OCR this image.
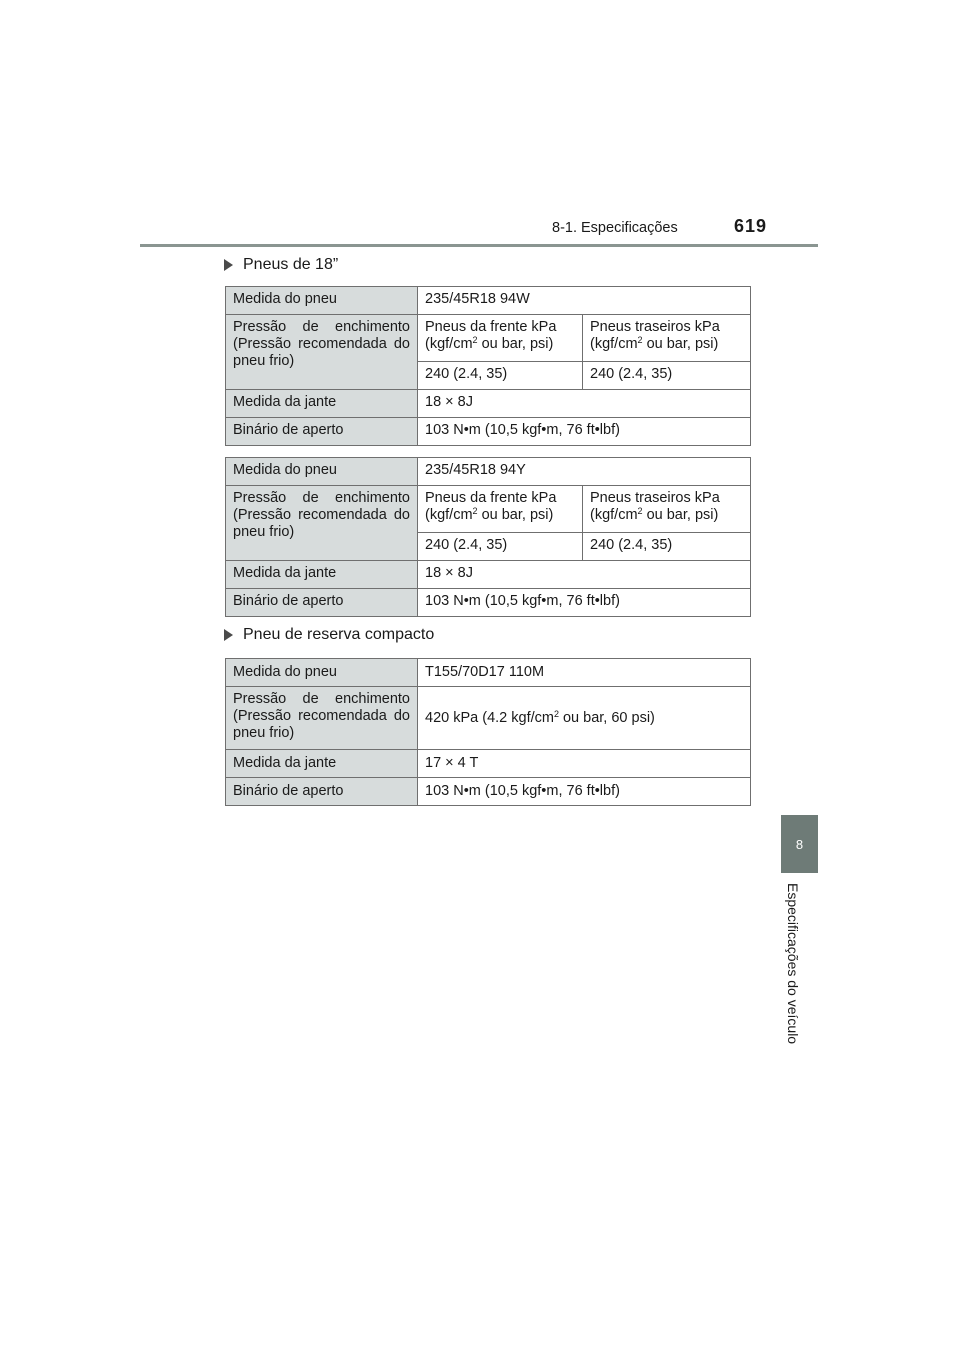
8-1. Especificações	619
8
Especificações do veículo
Pneus de 18”
Medida do pneu	235/45R18 94W	
Pressão de enchimento (Pressão recomendada do pneu frio)	Pneus da frente kPa ($kgf/cm^2$ ou bar, psi)	Pneus traseiros kPa ($kgf/cm^2$ ou bar, psi)
	240 (2.4, 35)	240 (2.4, 35)
Medida da jante	18 × 8J	
Binário de aperto	103 N•m (10,5 kgf•m, 76 ft•lbf)	
Medida do pneu	235/45R18 94Y	
Pressão de enchimento (Pressão recomendada do pneu frio)	Pneus da frente kPa ($kgf/cm^2$ ou bar, psi)	Pneus traseiros kPa ($kgf/cm^2$ ou bar, psi)
	240 (2.4, 35)	240 (2.4, 35)
Medida da jante	18 × 8J	
Binário de aperto	103 N•m (10,5 kgf•m, 76 ft•lbf)	
Pneu de reserva compacto
Medida do pneu	T155/70D17 110M
Pressão de enchimento (Pressão recomendada do pneu frio)	420 kPa (4.2 kgf/$cm^2$ ou bar, 60 psi)
Medida da jante	17 × 4 T
Binário de aperto	103 N•m (10,5 kgf•m, 76 ft•lbf)
